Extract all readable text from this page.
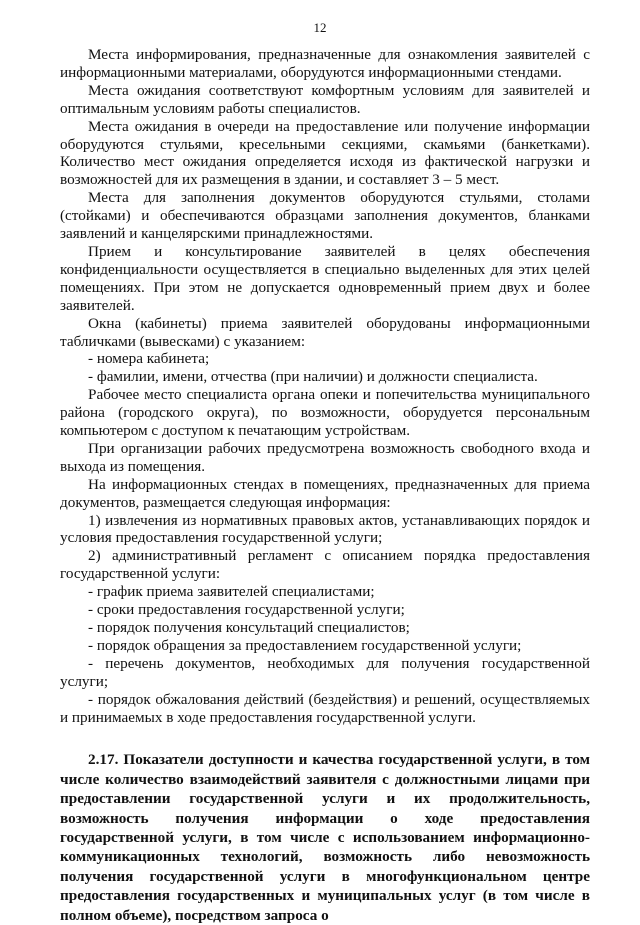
12

Места информирования, предназначенные для ознакомления заявителей с информационными материалами, оборудуются информационными стендами.

Места ожидания соответствуют комфортным условиям для заявителей и оптимальным условиям работы специалистов.

Места ожидания в очереди на предоставление или получение информации оборудуются стульями, кресельными секциями, скамьями (банкетками). Количество мест ожидания определяется исходя из фактической нагрузки и возможностей для их размещения в здании, и составляет 3 – 5 мест.

Места для заполнения документов оборудуются стульями, столами (стойками) и обеспечиваются образцами заполнения документов, бланками заявлений и канцелярскими принадлежностями.

Прием и консультирование заявителей в целях обеспечения конфиденциальности осуществляется в специально выделенных для этих целей помещениях. При этом не допускается одновременный прием двух и более заявителей.

Окна (кабинеты) приема заявителей оборудованы информационными табличками (вывесками) с указанием:

- номера кабинета;

- фамилии, имени, отчества (при наличии) и должности специалиста.

Рабочее место специалиста органа опеки и попечительства муниципального района (городского округа), по возможности, оборудуется персональным компьютером с доступом к печатающим устройствам.

При организации рабочих предусмотрена возможность свободного входа и выхода из помещения.

На информационных стендах в помещениях, предназначенных для приема документов, размещается следующая информация:

1) извлечения из нормативных правовых актов, устанавливающих порядок и условия предоставления государственной услуги;

2) административный регламент с описанием порядка предоставления государственной услуги:

- график приема заявителей специалистами;

- сроки предоставления государственной услуги;

- порядок получения консультаций специалистов;

- порядок обращения за предоставлением государственной услуги;

- перечень документов, необходимых для получения государственной услуги;

- порядок обжалования действий (бездействия) и решений, осуществляемых и принимаемых в ходе предоставления государственной услуги.

2.17. Показатели доступности и качества государственной услуги, в том числе количество взаимодействий заявителя с должностными лицами при предоставлении государственной услуги и их продолжительность, возможность получения информации о ходе предоставления государственной услуги, в том числе с использованием информационно-коммуникационных технологий, возможность либо невозможность получения государственной услуги в многофункциональном центре предоставления государственных и муниципальных услуг (в том числе в полном объеме), посредством запроса о
